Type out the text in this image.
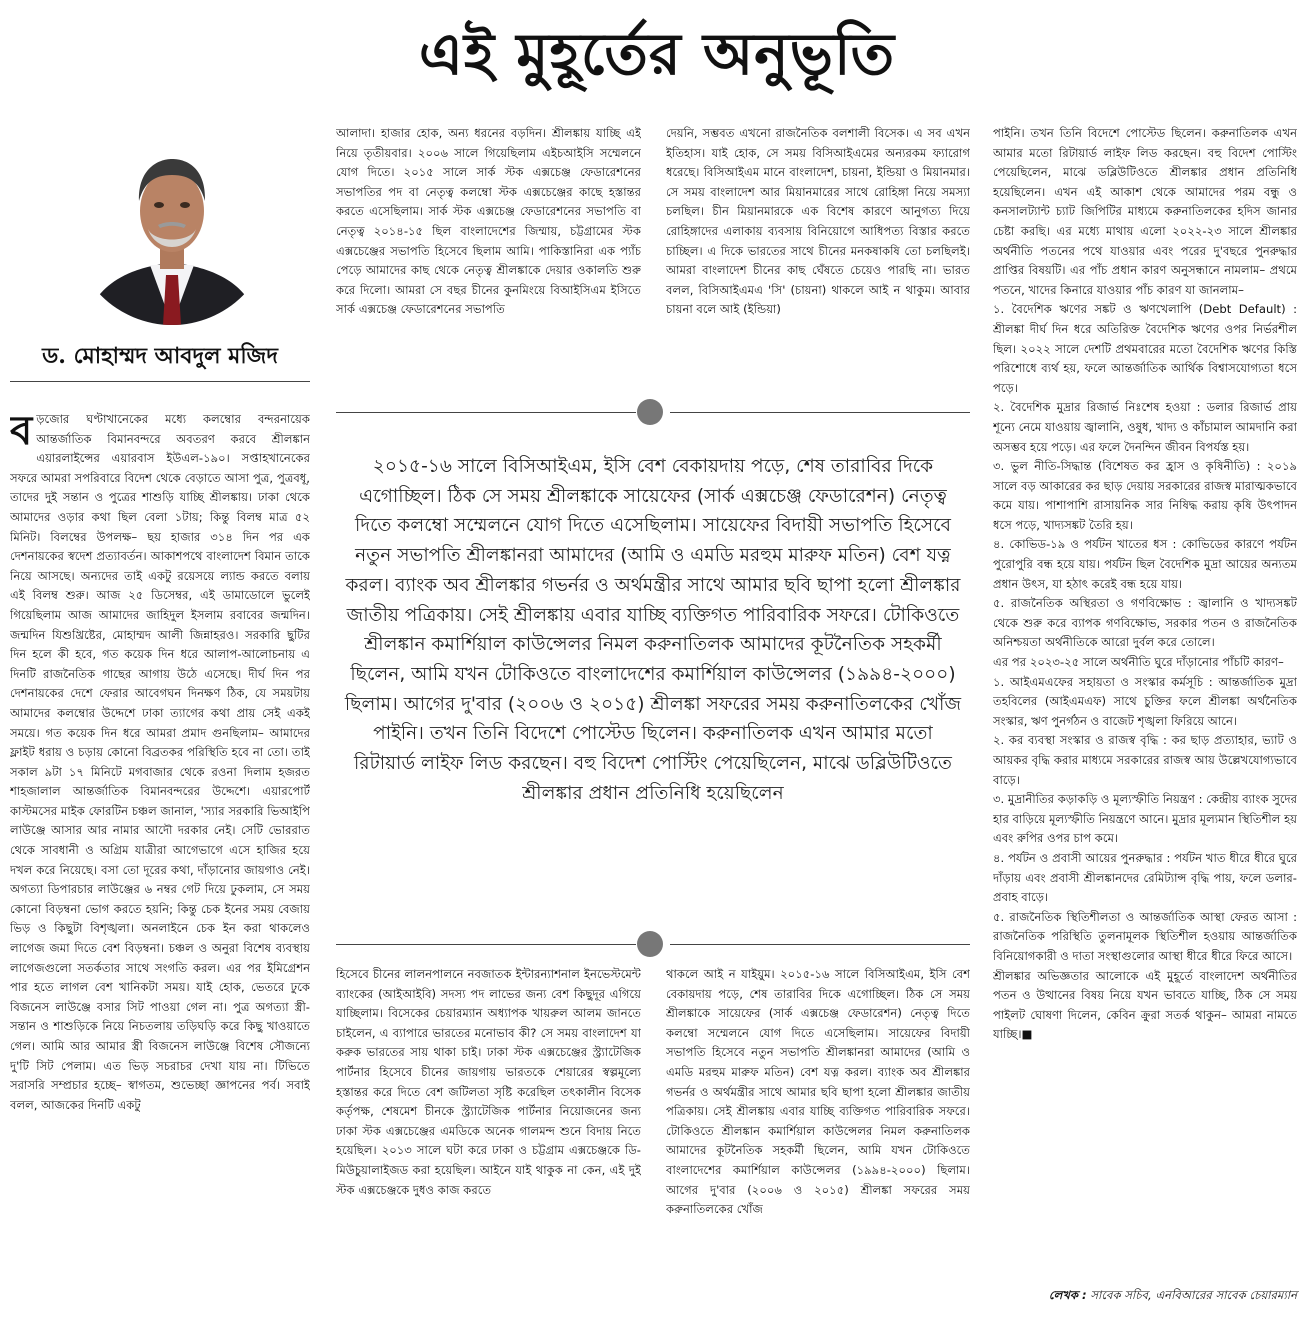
এই মুহূর্তের অনুভূতি
ড. মোহাম্মদ আবদুল মজিদ

বড়জোর ঘণ্টাখানেকের মধ্যে কলম্বোর বন্দরনায়েক আন্তর্জাতিক বিমানবন্দরে অবতরণ করবে শ্রীলঙ্কান এয়ারলাইন্সের এয়ারবাস ইউএল-১৯০। সপ্তাহখানেকের সফরে আমরা সপরিবারে বিদেশ থেকে বেড়াতে আসা পুত্র, পুত্রবধূ, তাদের দুই সন্তান ও পুত্রের শাশুড়ি যাচ্ছি শ্রীলঙ্কায়। ঢাকা থেকে আমাদের ওড়ার কথা ছিল বেলা ১টায়; কিন্তু বিলম্ব মাত্র ৫২ মিনিট। বিলম্বের উপলক্ষ– ছয় হাজার ৩১৪ দিন পর এক দেশনায়কের স্বদেশ প্রত্যাবর্তন। আকাশপথে বাংলাদেশ বিমান তাকে নিয়ে আসছে। অন্যদের তাই একটু রয়েসয়ে ল্যান্ড করতে বলায় এই বিলম্ব শুরু। আজ ২৫ ডিসেম্বর, এই ডামাডোলে ভুলেই গিয়েছিলাম আজ আমাদের জাহিদুল ইসলাম রবাবের জন্মদিন। জন্মদিন যিশুখ্রিষ্টের, মোহাম্মদ আলী জিন্নাহরও। সরকারি ছুটির দিন হলে কী হবে, গত কয়েক দিন ধরে আলাপ-আলোচনায় এ দিনটি রাজনৈতিক গাছের আগায় উঠে এসেছে। দীর্ঘ দিন পর দেশনায়কের দেশে ফেরার আবেগঘন দিনক্ষণ ঠিক, যে সময়টায় আমাদের কলম্বোর উদ্দেশে ঢাকা ত্যাগের কথা প্রায় সেই একই সময়ে। গত কয়েক দিন ধরে আমরা প্রমাদ গুনছিলাম– আমাদের ফ্লাইট ধরায় ও চড়ায় কোনো বিব্রতকর পরিস্থিতি হবে না তো। তাই সকাল ৯টা ১৭ মিনিটে মগবাজার থেকে রওনা দিলাম হজরত শাহজালাল আন্তর্জাতিক বিমানবন্দরের উদ্দেশে। এয়ারপোর্ট কাস্টমসের মাইক ফোরটিন চঞ্চল জানাল, 'স্যার সরকারি ভিআইপি লাউঞ্জে আসার আর নামার আদৌ দরকার নেই। সেটি ভোররাত থেকে সাবধানী ও অগ্রিম যাত্রীরা আগেভাগে এসে হাজির হয়ে দখল করে নিয়েছে। বসা তো দূরের কথা, দাঁড়ানোর জায়গাও নেই। অগত্যা ডিপারচার লাউঞ্জের ৬ নম্বর গেট দিয়ে ঢুকলাম, সে সময় কোনো বিড়ম্বনা ভোগ করতে হয়নি; কিন্তু চেক ইনের সময় বেজায় ভিড় ও কিছুটা বিশৃঙ্খলা। অনলাইনে চেক ইন করা থাকলেও লাগেজ জমা দিতে বেশ বিড়ম্বনা। চঞ্চল ও অনুরা বিশেষ ব্যবস্থায় লাগেজগুলো সতর্কতার সাথে সংগতি করল। এর পর ইমিগ্রেশন পার হতে লাগল বেশ খানিকটা সময়। যাই হোক, ভেতরে ঢুকে বিজনেস লাউঞ্জে বসার সিট পাওয়া গেল না। পুত্র অগত্যা স্ত্রী-সন্তান ও শাশুড়িকে নিয়ে নিচতলায় তড়িঘড়ি করে কিছু খাওয়াতে গেল। আমি আর আমার স্ত্রী বিজনেস লাউঞ্জে বিশেষ সৌজন্যে দু'টি সিট পেলাম। এত ভিড় সচরাচর দেখা যায় না। টিভিতে সরাসরি সম্প্রচার হচ্ছে– স্বাগতম, শুভেচ্ছা জ্ঞাপনের পর্ব। সবাই বলল, আজকের দিনটি একটু

আলাদা। হাজার হোক, অন্য ধরনের বড়দিন। শ্রীলঙ্কায় যাচ্ছি এই নিয়ে তৃতীয়বার। ২০০৬ সালে গিয়েছিলাম এইচআইসি সম্মেলনে যোগ দিতে। ২০১৫ সালে সার্ক স্টক এক্সচেঞ্জ ফেডারেশনের সভাপতির পদ বা নেতৃত্ব কলম্বো স্টক এক্সচেঞ্জের কাছে হস্তান্তর করতে এসেছিলাম। সার্ক স্টক এক্সচেঞ্জ ফেডারেশনের সভাপতি বা নেতৃত্ব ২০১৪-১৫ ছিল বাংলাদেশের জিম্মায়, চট্টগ্রামের স্টক এক্সচেঞ্জের সভাপতি হিসেবে ছিলাম আমি। পাকিস্তানিরা এক প্যাঁচ পেড়ে আমাদের কাছ থেকে নেতৃত্ব শ্রীলঙ্কাকে দেয়ার ওকালতি শুরু করে দিলো। আমরা সে বছর চীনের কুনমিংয়ে বিআইসিএম ইসিতে সার্ক এক্সচেঞ্জ ফেডারেশনের সভাপতি

দেয়নি, সম্ভবত এখনো রাজনৈতিক বলশালী বিসেক। এ সব এখন ইতিহাস। যাই হোক, সে সময় বিসিআইএমের অন্যরকম ফ্যারোগ ধরেছে। বিসিআইএম মানে বাংলাদেশ, চায়না, ইন্ডিয়া ও মিয়ানমার। সে সময় বাংলাদেশ আর মিয়ানমারের সাথে রোহিঙ্গা নিয়ে সমস্যা চলছিল। চীন মিয়ানমারকে এক বিশেষ কারণে আনুগত্য দিয়ে রোহিঙ্গাদের এলাকায় ব্যবসায় বিনিয়োগে আধিপত্য বিস্তার করতে চাচ্ছিল। এ দিকে ভারতের সাথে চীনের মনকষাকষি তো চলছিলই। আমরা বাংলাদেশ চীনের কাছ ঘেঁষতে চেয়েও পারছি না। ভারত বলল, বিসিআইএমএ 'সি' (চায়না) থাকলে আই ন থাকুম। আবার চায়না বলে আই (ইন্ডিয়া)

২০১৫-১৬ সালে বিসিআইএম, ইসি বেশ বেকায়দায় পড়ে, শেষ তারাবির দিকে এগোচ্ছিল। ঠিক সে সময় শ্রীলঙ্কাকে সায়েফের (সার্ক এক্সচেঞ্জ ফেডারেশন) নেতৃত্ব দিতে কলম্বো সম্মেলনে যোগ দিতে এসেছিলাম। সায়েফের বিদায়ী সভাপতি হিসেবে নতুন সভাপতি শ্রীলঙ্কানরা আমাদের (আমি ও এমডি মরহুম মারুফ মতিন) বেশ যত্ন করল। ব্যাংক অব শ্রীলঙ্কার গভর্নর ও অর্থমন্ত্রীর সাথে আমার ছবি ছাপা হলো শ্রীলঙ্কার জাতীয় পত্রিকায়। সেই শ্রীলঙ্কায় এবার যাচ্ছি ব্যক্তিগত পারিবারিক সফরে। টোকিওতে শ্রীলঙ্কান কমার্শিয়াল কাউন্সেলর নিমল করুনাতিলক আমাদের কূটনৈতিক সহকর্মী ছিলেন, আমি যখন টোকিওতে বাংলাদেশের কমার্শিয়াল কাউন্সেলর (১৯৯৪-২০০০) ছিলাম। আগের দু'বার (২০০৬ ও ২০১৫) শ্রীলঙ্কা সফরের সময় করুনাতিলকের খোঁজ পাইনি। তখন তিনি বিদেশে পোস্টেড ছিলেন। করুনাতিলক এখন আমার মতো রিটায়ার্ড লাইফ লিড করছেন। বহু বিদেশ পোস্টিং পেয়েছিলেন, মাঝে ডব্লিউটিওতে শ্রীলঙ্কার প্রধান প্রতিনিধি হয়েছিলেন

হিসেবে চীনের লালনপালনে নবজাতক ইন্টারন্যাশনাল ইনভেস্টমেন্ট ব্যাংকের (আইআইবি) সদস্য পদ লাভের জন্য বেশ কিছুদূর এগিয়ে যাচ্ছিলাম। বিসেকের চেয়ারম্যান অধ্যাপক খায়রুল আলম জানতে চাইলেন, এ ব্যাপারে ভারতের মনোভাব কী? সে সময় বাংলাদেশ যা করুক ভারতের সায় থাকা চাই। ঢাকা স্টক এক্সচেঞ্জের স্ট্র্যাটেজিক পার্টনার হিসেবে চীনের জায়গায় ভারতকে শেয়ারের স্বল্পমূল্যে হস্তান্তর করে দিতে বেশ জটিলতা সৃষ্টি করেছিল তৎকালীন বিসেক কর্তৃপক্ষ, শেষমেশ চীনকে স্ট্র্যাটেজিক পার্টনার নিয়োজনের জন্য ঢাকা স্টক এক্সচেঞ্জের এমডিকে অনেক গালমন্দ শুনে বিদায় নিতে হয়েছিল। ২০১৩ সালে ঘটা করে ঢাকা ও চট্টগ্রাম এক্সচেঞ্জকে ডি-মিউচুয়ালাইজড করা হয়েছিল। আইনে যাই থাকুক না কেন, এই দুই স্টক এক্সচেঞ্জকে দুধও কাজ করতে

থাকলে আই ন যাইয়ুম। ২০১৫-১৬ সালে বিসিআইএম, ইসি বেশ বেকায়দায় পড়ে, শেষ তারাবির দিকে এগোচ্ছিল। ঠিক সে সময় শ্রীলঙ্কাকে সায়েফের (সার্ক এক্সচেঞ্জ ফেডারেশন) নেতৃত্ব দিতে কলম্বো সম্মেলনে যোগ দিতে এসেছিলাম। সায়েফের বিদায়ী সভাপতি হিসেবে নতুন সভাপতি শ্রীলঙ্কানরা আমাদের (আমি ও এমডি মরহুম মারুফ মতিন) বেশ যত্ন করল। ব্যাংক অব শ্রীলঙ্কার গভর্নর ও অর্থমন্ত্রীর সাথে আমার ছবি ছাপা হলো শ্রীলঙ্কার জাতীয় পত্রিকায়। সেই শ্রীলঙ্কায় এবার যাচ্ছি ব্যক্তিগত পারিবারিক সফরে। টোকিওতে শ্রীলঙ্কান কমার্শিয়াল কাউন্সেলর নিমল করুনাতিলক আমাদের কূটনৈতিক সহকর্মী ছিলেন, আমি যখন টোকিওতে বাংলাদেশের কমার্শিয়াল কাউন্সেলর (১৯৯৪-২০০০) ছিলাম। আগের দু'বার (২০০৬ ও ২০১৫) শ্রীলঙ্কা সফরের সময় করুনাতিলকের খোঁজ

পাইনি। তখন তিনি বিদেশে পোস্টেড ছিলেন। করুনাতিলক এখন আমার মতো রিটায়ার্ড লাইফ লিড করছেন। বহু বিদেশ পোস্টিং পেয়েছিলেন, মাঝে ডব্লিউটিওতে শ্রীলঙ্কার প্রধান প্রতিনিধি হয়েছিলেন। এখন এই আকাশ থেকে আমাদের পরম বন্ধু ও কনসালট্যান্ট চ্যাট জিপিটির মাধ্যমে করুনাতিলকের হদিস জানার চেষ্টা করছি। এর মধ্যে মাথায় এলো ২০২২-২৩ সালে শ্রীলঙ্কার অর্থনীতি পতনের পথে যাওয়ার এবং পরের দু'বছরে পুনরুদ্ধার প্রাপ্তির বিষয়টি। এর পাঁচ প্রধান কারণ অনুসন্ধানে নামলাম– প্রথমে পতনে, খাদের কিনারে যাওয়ার পাঁচ কারণ যা জানলাম–

১. বৈদেশিক ঋণের সঙ্কট ও ঋণখেলাপি (Debt Default) : শ্রীলঙ্কা দীর্ঘ দিন ধরে অতিরিক্ত বৈদেশিক ঋণের ওপর নির্ভরশীল ছিল। ২০২২ সালে দেশটি প্রথমবারের মতো বৈদেশিক ঋণের কিস্তি পরিশোধে ব্যর্থ হয়, ফলে আন্তর্জাতিক আর্থিক বিশ্বাসযোগ্যতা ধসে পড়ে।

২. বৈদেশিক মুদ্রার রিজার্ভ নিঃশেষ হওয়া : ডলার রিজার্ভ প্রায় শূন্যে নেমে যাওয়ায় জ্বালানি, ওষুধ, খাদ্য ও কাঁচামাল আমদানি করা অসম্ভব হয়ে পড়ে। এর ফলে দৈনন্দিন জীবন বিপর্যস্ত হয়।

৩. ভুল নীতি-সিদ্ধান্ত (বিশেষত কর হ্রাস ও কৃষিনীতি) : ২০১৯ সালে বড় আকারের কর ছাড় দেয়ায় সরকারের রাজস্ব মারাত্মকভাবে কমে যায়। পাশাপাশি রাসায়নিক সার নিষিদ্ধ করায় কৃষি উৎপাদন ধসে পড়ে, খাদ্যসঙ্কট তৈরি হয়।

৪. কোভিড-১৯ ও পর্যটন খাতের ধস : কোভিডের কারণে পর্যটন পুরোপুরি বন্ধ হয়ে যায়। পর্যটন ছিল বৈদেশিক মুদ্রা আয়ের অন্যতম প্রধান উৎস, যা হঠাৎ করেই বন্ধ হয়ে যায়।

৫. রাজনৈতিক অস্থিরতা ও গণবিক্ষোভ : জ্বালানি ও খাদ্যসঙ্কট থেকে শুরু করে ব্যাপক গণবিক্ষোভ, সরকার পতন ও রাজনৈতিক অনিশ্চয়তা অর্থনীতিকে আরো দুর্বল করে তোলে।

এর পর ২০২৩-২৫ সালে অর্থনীতি ঘুরে দাঁড়ানোর পাঁচটি কারণ–

১. আইএমএফের সহায়তা ও সংস্কার কর্মসূচি : আন্তর্জাতিক মুদ্রা তহবিলের (আইএমএফ) সাথে চুক্তির ফলে শ্রীলঙ্কা অর্থনৈতিক সংস্কার, ঋণ পুনর্গঠন ও বাজেট শৃঙ্খলা ফিরিয়ে আনে।

২. কর ব্যবস্থা সংস্কার ও রাজস্ব বৃদ্ধি : কর ছাড় প্রত্যাহার, ভ্যাট ও আয়কর বৃদ্ধি করার মাধ্যমে সরকারের রাজস্ব আয় উল্লেখযোগ্যভাবে বাড়ে।

৩. মুদ্রানীতির কড়াকড়ি ও মূল্যস্ফীতি নিয়ন্ত্রণ : কেন্দ্রীয় ব্যাংক সুদের হার বাড়িয়ে মূল্যস্ফীতি নিয়ন্ত্রণে আনে। মুদ্রার মূল্যমান স্থিতিশীল হয় এবং রুপির ওপর চাপ কমে।

৪. পর্যটন ও প্রবাসী আয়ের পুনরুদ্ধার : পর্যটন খাত ধীরে ধীরে ঘুরে দাঁড়ায় এবং প্রবাসী শ্রীলঙ্কানদের রেমিট্যান্স বৃদ্ধি পায়, ফলে ডলার-প্রবাহ বাড়ে।

৫. রাজনৈতিক স্থিতিশীলতা ও আন্তর্জাতিক আস্থা ফেরত আসা : রাজনৈতিক পরিস্থিতি তুলনামূলক স্থিতিশীল হওয়ায় আন্তর্জাতিক বিনিয়োগকারী ও দাতা সংস্থাগুলোর আস্থা ধীরে ধীরে ফিরে আসে।

শ্রীলঙ্কার অভিজ্ঞতার আলোকে এই মুহূর্তে বাংলাদেশ অর্থনীতির পতন ও উত্থানের বিষয় নিয়ে যখন ভাবতে যাচ্ছি, ঠিক সে সময় পাইলট ঘোষণা দিলেন, কেবিন ক্রুরা সতর্ক থাকুন– আমরা নামতে যাচ্ছি।■

লেখক : সাবেক সচিব, এনবিআরের সাবেক চেয়ারম্যান
